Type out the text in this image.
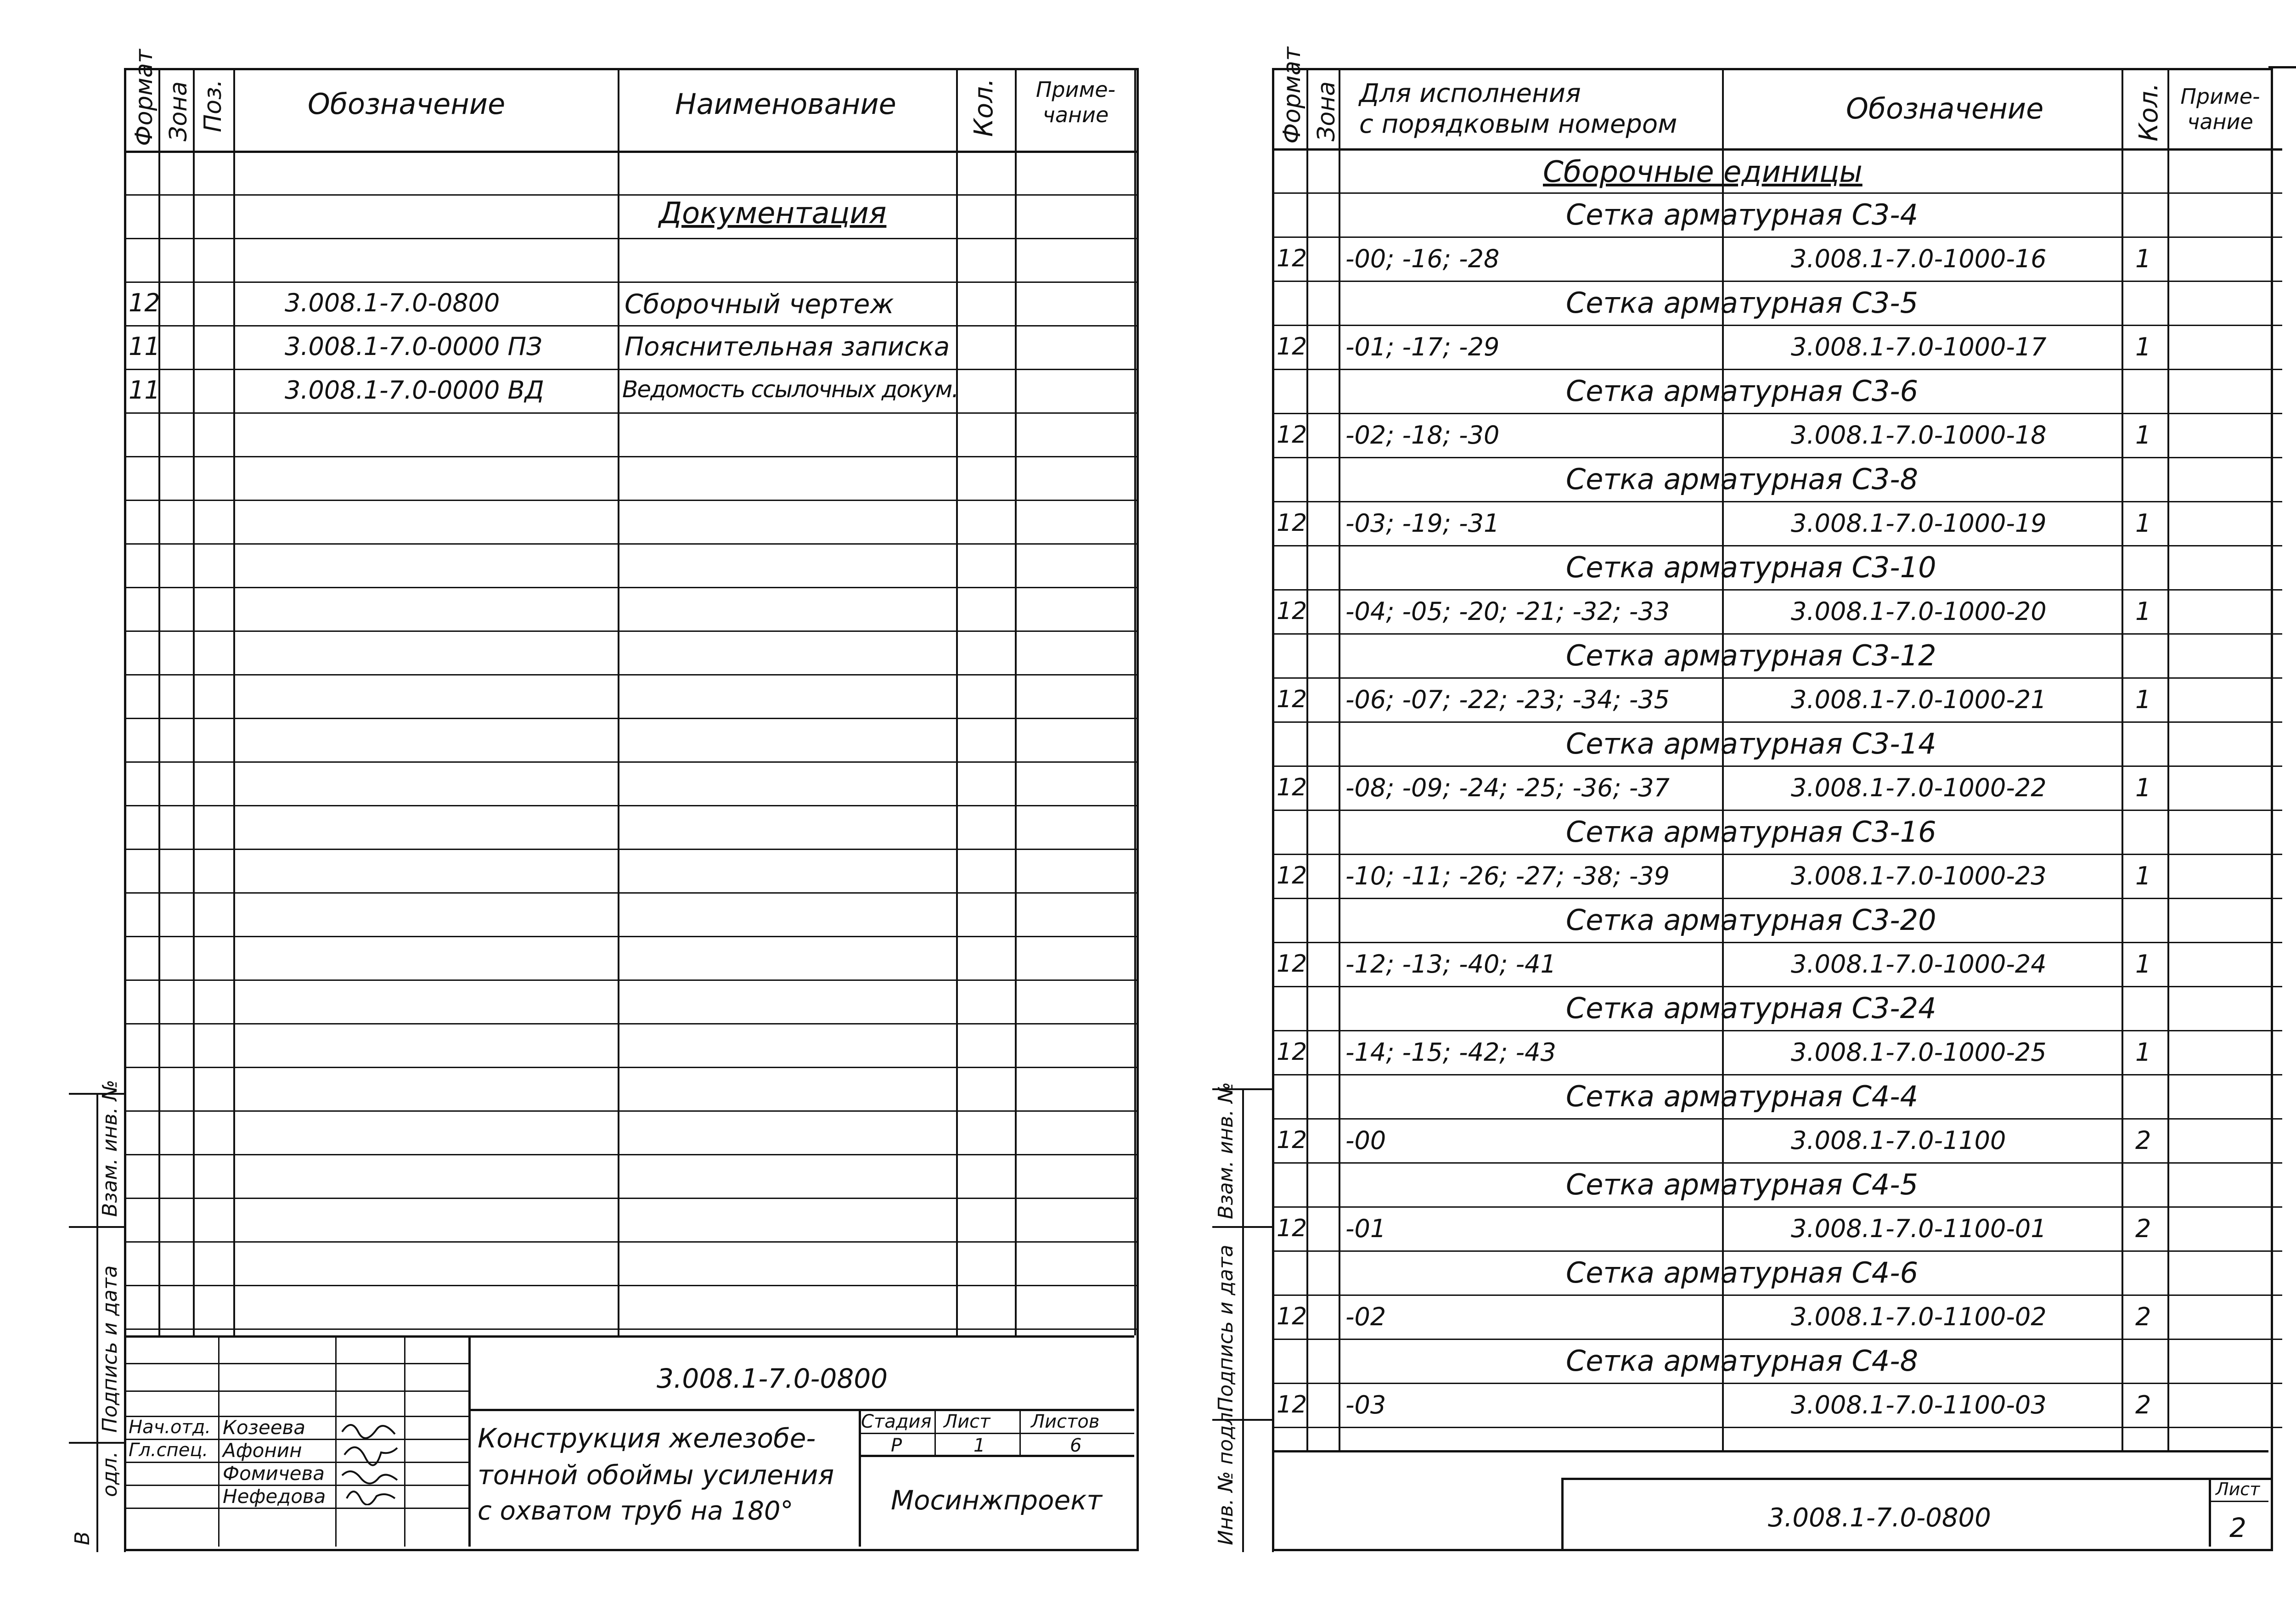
Формат Зона Поз.	Обозначение	Наименование	Кол.	Приме-
чание
Документация
12	3.008.1-7.0-0800	Сборочный чертеж
11	3.008.1-7.0-0000 ПЗ	Пояснительная записка
11	3.008.1-7.0-0000 ВД	Ведомость ссылочных докум.
3.008.1-7.0-0800
Конструкция железобе-
тонной обоймы усиления
с охватом труб на 180°
Стадия Лист Листов
Р	1	6
Мосинжпроект
Нач.отд. Козеева
Гл.спец. Афонин
Фомичева
Нефедова
Взам. инв. №
Подпись и дата
одл.
В
Формат Зона Для исполнения
с порядковым номером	Обозначение	Кол. Приме-
чание
Сборочные единицы
Сетка арматурная С3-4
12 -00; -16; -28	3.008.1-7.0-1000-16	1
Сетка арматурная С3-5
12 -01; -17; -29	3.008.1-7.0-1000-17	1
Сетка арматурная С3-6
12 -02; -18; -30	3.008.1-7.0-1000-18	1
Сетка арматурная С3-8
12 -03; -19; -31	3.008.1-7.0-1000-19	1
Сетка арматурная С3-10
12 -04; -05; -20; -21; -32; -33	3.008.1-7.0-1000-20	1
Сетка арматурная С3-12
12 -06; -07; -22; -23; -34; -35	3.008.1-7.0-1000-21	1
Сетка арматурная С3-14
12 -08; -09; -24; -25; -36; -37	3.008.1-7.0-1000-22	1
Сетка арматурная С3-16
12 -10; -11; -26; -27; -38; -39	3.008.1-7.0-1000-23	1
Сетка арматурная С3-20
12 -12; -13; -40; -41	3.008.1-7.0-1000-24	1
Сетка арматурная С3-24
12 -14; -15; -42; -43	3.008.1-7.0-1000-25	1
Сетка арматурная С4-4
12 -00	3.008.1-7.0-1100	2
Сетка арматурная С4-5
12 -01	3.008.1-7.0-1100-01	2
Сетка арматурная С4-6
12 -02	3.008.1-7.0-1100-02	2
Сетка арматурная С4-8
12 -03	3.008.1-7.0-1100-03	2
3.008.1-7.0-0800
Лист
2
Взам. инв. №
Подпись и дата
Инв. № подл.
